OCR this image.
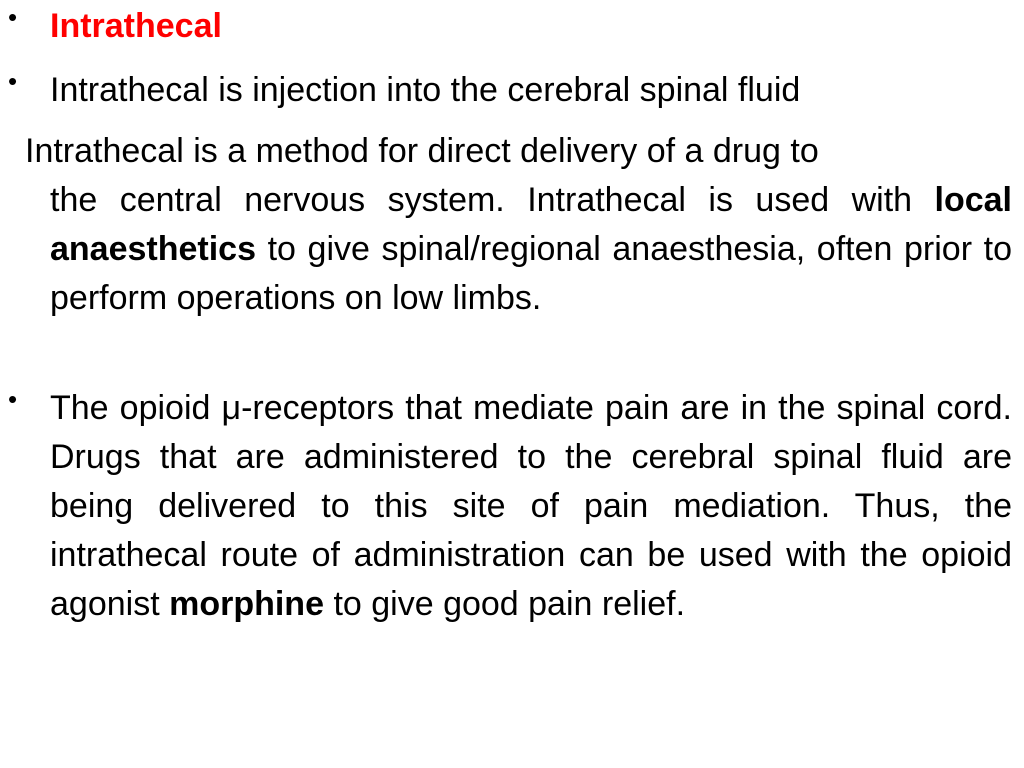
• Intrathecal
• Intrathecal is injection into the cerebral spinal fluid
Intrathecal is a method for direct delivery of a drug to
the central nervous system. Intrathecal is used with local anaesthetics to give spinal/regional anaesthesia, often prior to perform operations on low limbs.
• The opioid μ-receptors that mediate pain are in the spinal cord. Drugs that are administered to the cerebral spinal fluid are being delivered to this site of pain mediation. Thus, the intrathecal route of administration can be used with the opioid agonist morphine to give good pain relief.
